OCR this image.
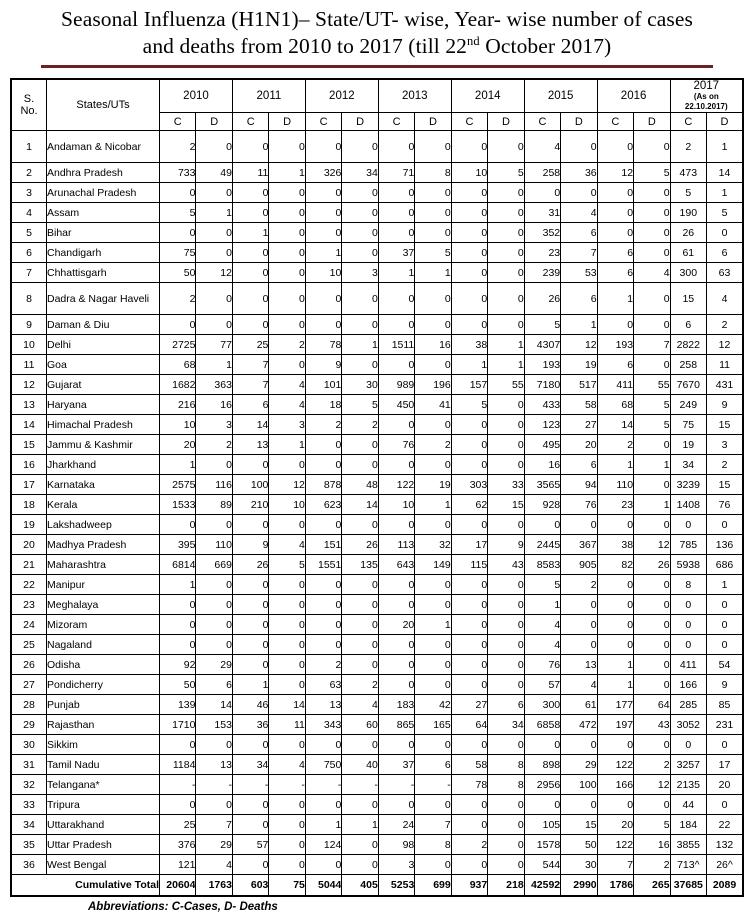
Seasonal Influenza (H1N1)– State/UT- wise, Year- wise number of cases
and deaths from 2010 to 2017 (till 22nd October 2017)
S.
No.	States/UTs	2010		2011		2012		2013		2014		2015		2016		2017
(As on
22.10.2017)	

		C	D	C	D	C	D	C	D	C	D	C	D	C	D	C	D
1	Andaman & Nicobar	2	0	0	0	0	0	0	0	0	0	4	0	0	0	2	1
2	Andhra Pradesh	733	49	11	1	326	34	71	8	10	5	258	36	12	5	473	14
3	Arunachal Pradesh	0	0	0	0	0	0	0	0	0	0	0	0	0	0	5	1
4	Assam	5	1	0	0	0	0	0	0	0	0	31	4	0	0	190	5
5	Bihar	0	0	1	0	0	0	0	0	0	0	352	6	0	0	26	0
6	Chandigarh	75	0	0	0	1	0	37	5	0	0	23	7	6	0	61	6
7	Chhattisgarh	50	12	0	0	10	3	1	1	0	0	239	53	6	4	300	63
8	Dadra & Nagar Haveli	2	0	0	0	0	0	0	0	0	0	26	6	1	0	15	4
9	Daman & Diu	0	0	0	0	0	0	0	0	0	0	5	1	0	0	6	2
10	Delhi	2725	77	25	2	78	1	1511	16	38	1	4307	12	193	7	2822	12
11	Goa	68	1	7	0	9	0	0	0	1	1	193	19	6	0	258	11
12	Gujarat	1682	363	7	4	101	30	989	196	157	55	7180	517	411	55	7670	431
13	Haryana	216	16	6	4	18	5	450	41	5	0	433	58	68	5	249	9
14	Himachal Pradesh	10	3	14	3	2	2	0	0	0	0	123	27	14	5	75	15
15	Jammu & Kashmir	20	2	13	1	0	0	76	2	0	0	495	20	2	0	19	3
16	Jharkhand	1	0	0	0	0	0	0	0	0	0	16	6	1	1	34	2
17	Karnataka	2575	116	100	12	878	48	122	19	303	33	3565	94	110	0	3239	15
18	Kerala	1533	89	210	10	623	14	10	1	62	15	928	76	23	1	1408	76
19	Lakshadweep	0	0	0	0	0	0	0	0	0	0	0	0	0	0	0	0
20	Madhya Pradesh	395	110	9	4	151	26	113	32	17	9	2445	367	38	12	785	136
21	Maharashtra	6814	669	26	5	1551	135	643	149	115	43	8583	905	82	26	5938	686
22	Manipur	1	0	0	0	0	0	0	0	0	0	5	2	0	0	8	1
23	Meghalaya	0	0	0	0	0	0	0	0	0	0	1	0	0	0	0	0
24	Mizoram	0	0	0	0	0	0	20	1	0	0	4	0	0	0	0	0
25	Nagaland	0	0	0	0	0	0	0	0	0	0	4	0	0	0	0	0
26	Odisha	92	29	0	0	2	0	0	0	0	0	76	13	1	0	411	54
27	Pondicherry	50	6	1	0	63	2	0	0	0	0	57	4	1	0	166	9
28	Punjab	139	14	46	14	13	4	183	42	27	6	300	61	177	64	285	85
29	Rajasthan	1710	153	36	11	343	60	865	165	64	34	6858	472	197	43	3052	231
30	Sikkim	0	0	0	0	0	0	0	0	0	0	0	0	0	0	0	0
31	Tamil Nadu	1184	13	34	4	750	40	37	6	58	8	898	29	122	2	3257	17
32	Telangana*	-	-	-	-	-	-	-	-	78	8	2956	100	166	12	2135	20
33	Tripura	0	0	0	0	0	0	0	0	0	0	0	0	0	0	44	0
34	Uttarakhand	25	7	0	0	1	1	24	7	0	0	105	15	20	5	184	22
35	Uttar Pradesh	376	29	57	0	124	0	98	8	2	0	1578	50	122	16	3855	132
36	West Bengal	121	4	0	0	0	0	3	0	0	0	544	30	7	2	713^	26^
Cumulative Total		20604	1763	603	75	5044	405	5253	699	937	218	42592	2990	1786	265	37685	2089
Abbreviations: C-Cases, D- Deaths
